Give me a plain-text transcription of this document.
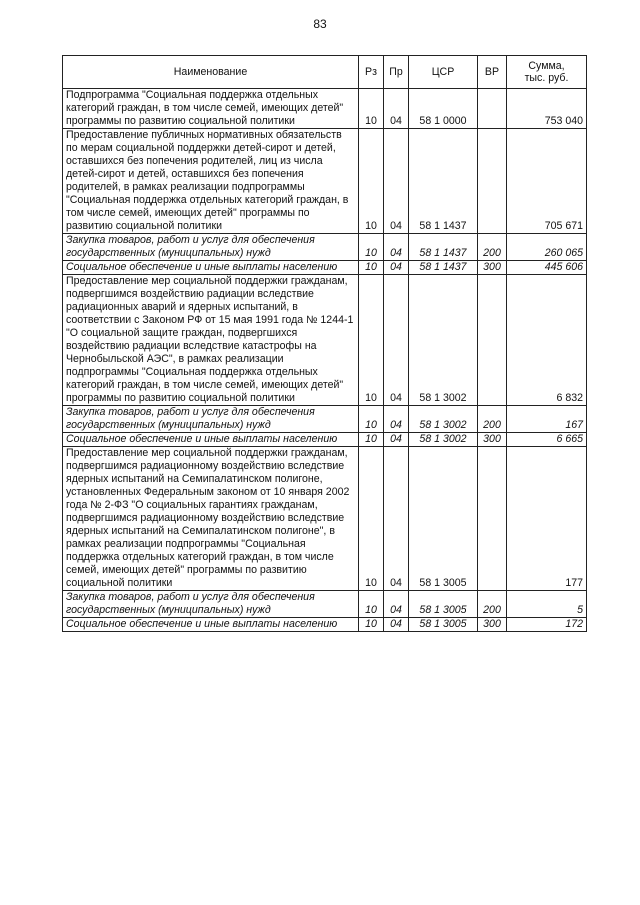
83
Наименование	Рз	Пр	ЦСР	ВР	Сумма,
тыс. руб.
Подпрограмма "Социальная поддержка отдельных категорий граждан, в том числе семей, имеющих детей" программы по развитию социальной политики	10	04	58 1 0000		753 040
Предоставление публичных нормативных обязательств по мерам социальной поддержки детей-сирот и детей, оставшихся без попечения родителей, лиц из числа детей-сирот и детей, оставшихся без попечения родителей, в рамках реализации подпрограммы "Социальная поддержка отдельных категорий граждан, в том числе семей, имеющих детей" программы по развитию социальной политики	10	04	58 1 1437		705 671
Закупка товаров, работ и услуг для обеспечения государственных (муниципальных) нужд	10	04	58 1 1437	200	260 065
Социальное обеспечение и иные выплаты населению	10	04	58 1 1437	300	445 606
Предоставление мер социальной поддержки гражданам, подвергшимся воздействию радиации вследствие радиационных аварий и ядерных испытаний, в соответствии с Законом РФ от 15 мая 1991 года № 1244-1 "О социальной защите граждан, подвергшихся воздействию радиации вследствие катастрофы на Чернобыльской АЭС", в рамках реализации подпрограммы "Социальная поддержка отдельных категорий граждан, в том числе семей, имеющих детей" программы по развитию социальной политики	10	04	58 1 3002		6 832
Закупка товаров, работ и услуг для обеспечения государственных (муниципальных) нужд	10	04	58 1 3002	200	167
Социальное обеспечение и иные выплаты населению	10	04	58 1 3002	300	6 665
Предоставление мер социальной поддержки гражданам, подвергшимся радиационному воздействию вследствие ядерных испытаний на Семипалатинском полигоне, установленных Федеральным законом от 10 января 2002 года № 2-ФЗ "О социальных гарантиях гражданам, подвергшимся радиационному воздействию вследствие ядерных испытаний на Семипалатинском полигоне", в рамках реализации подпрограммы "Социальная поддержка отдельных категорий граждан, в том числе семей, имеющих детей" программы по развитию социальной политики	10	04	58 1 3005		177
Закупка товаров, работ и услуг для обеспечения государственных (муниципальных) нужд	10	04	58 1 3005	200	5
Социальное обеспечение и иные выплаты населению	10	04	58 1 3005	300	172
